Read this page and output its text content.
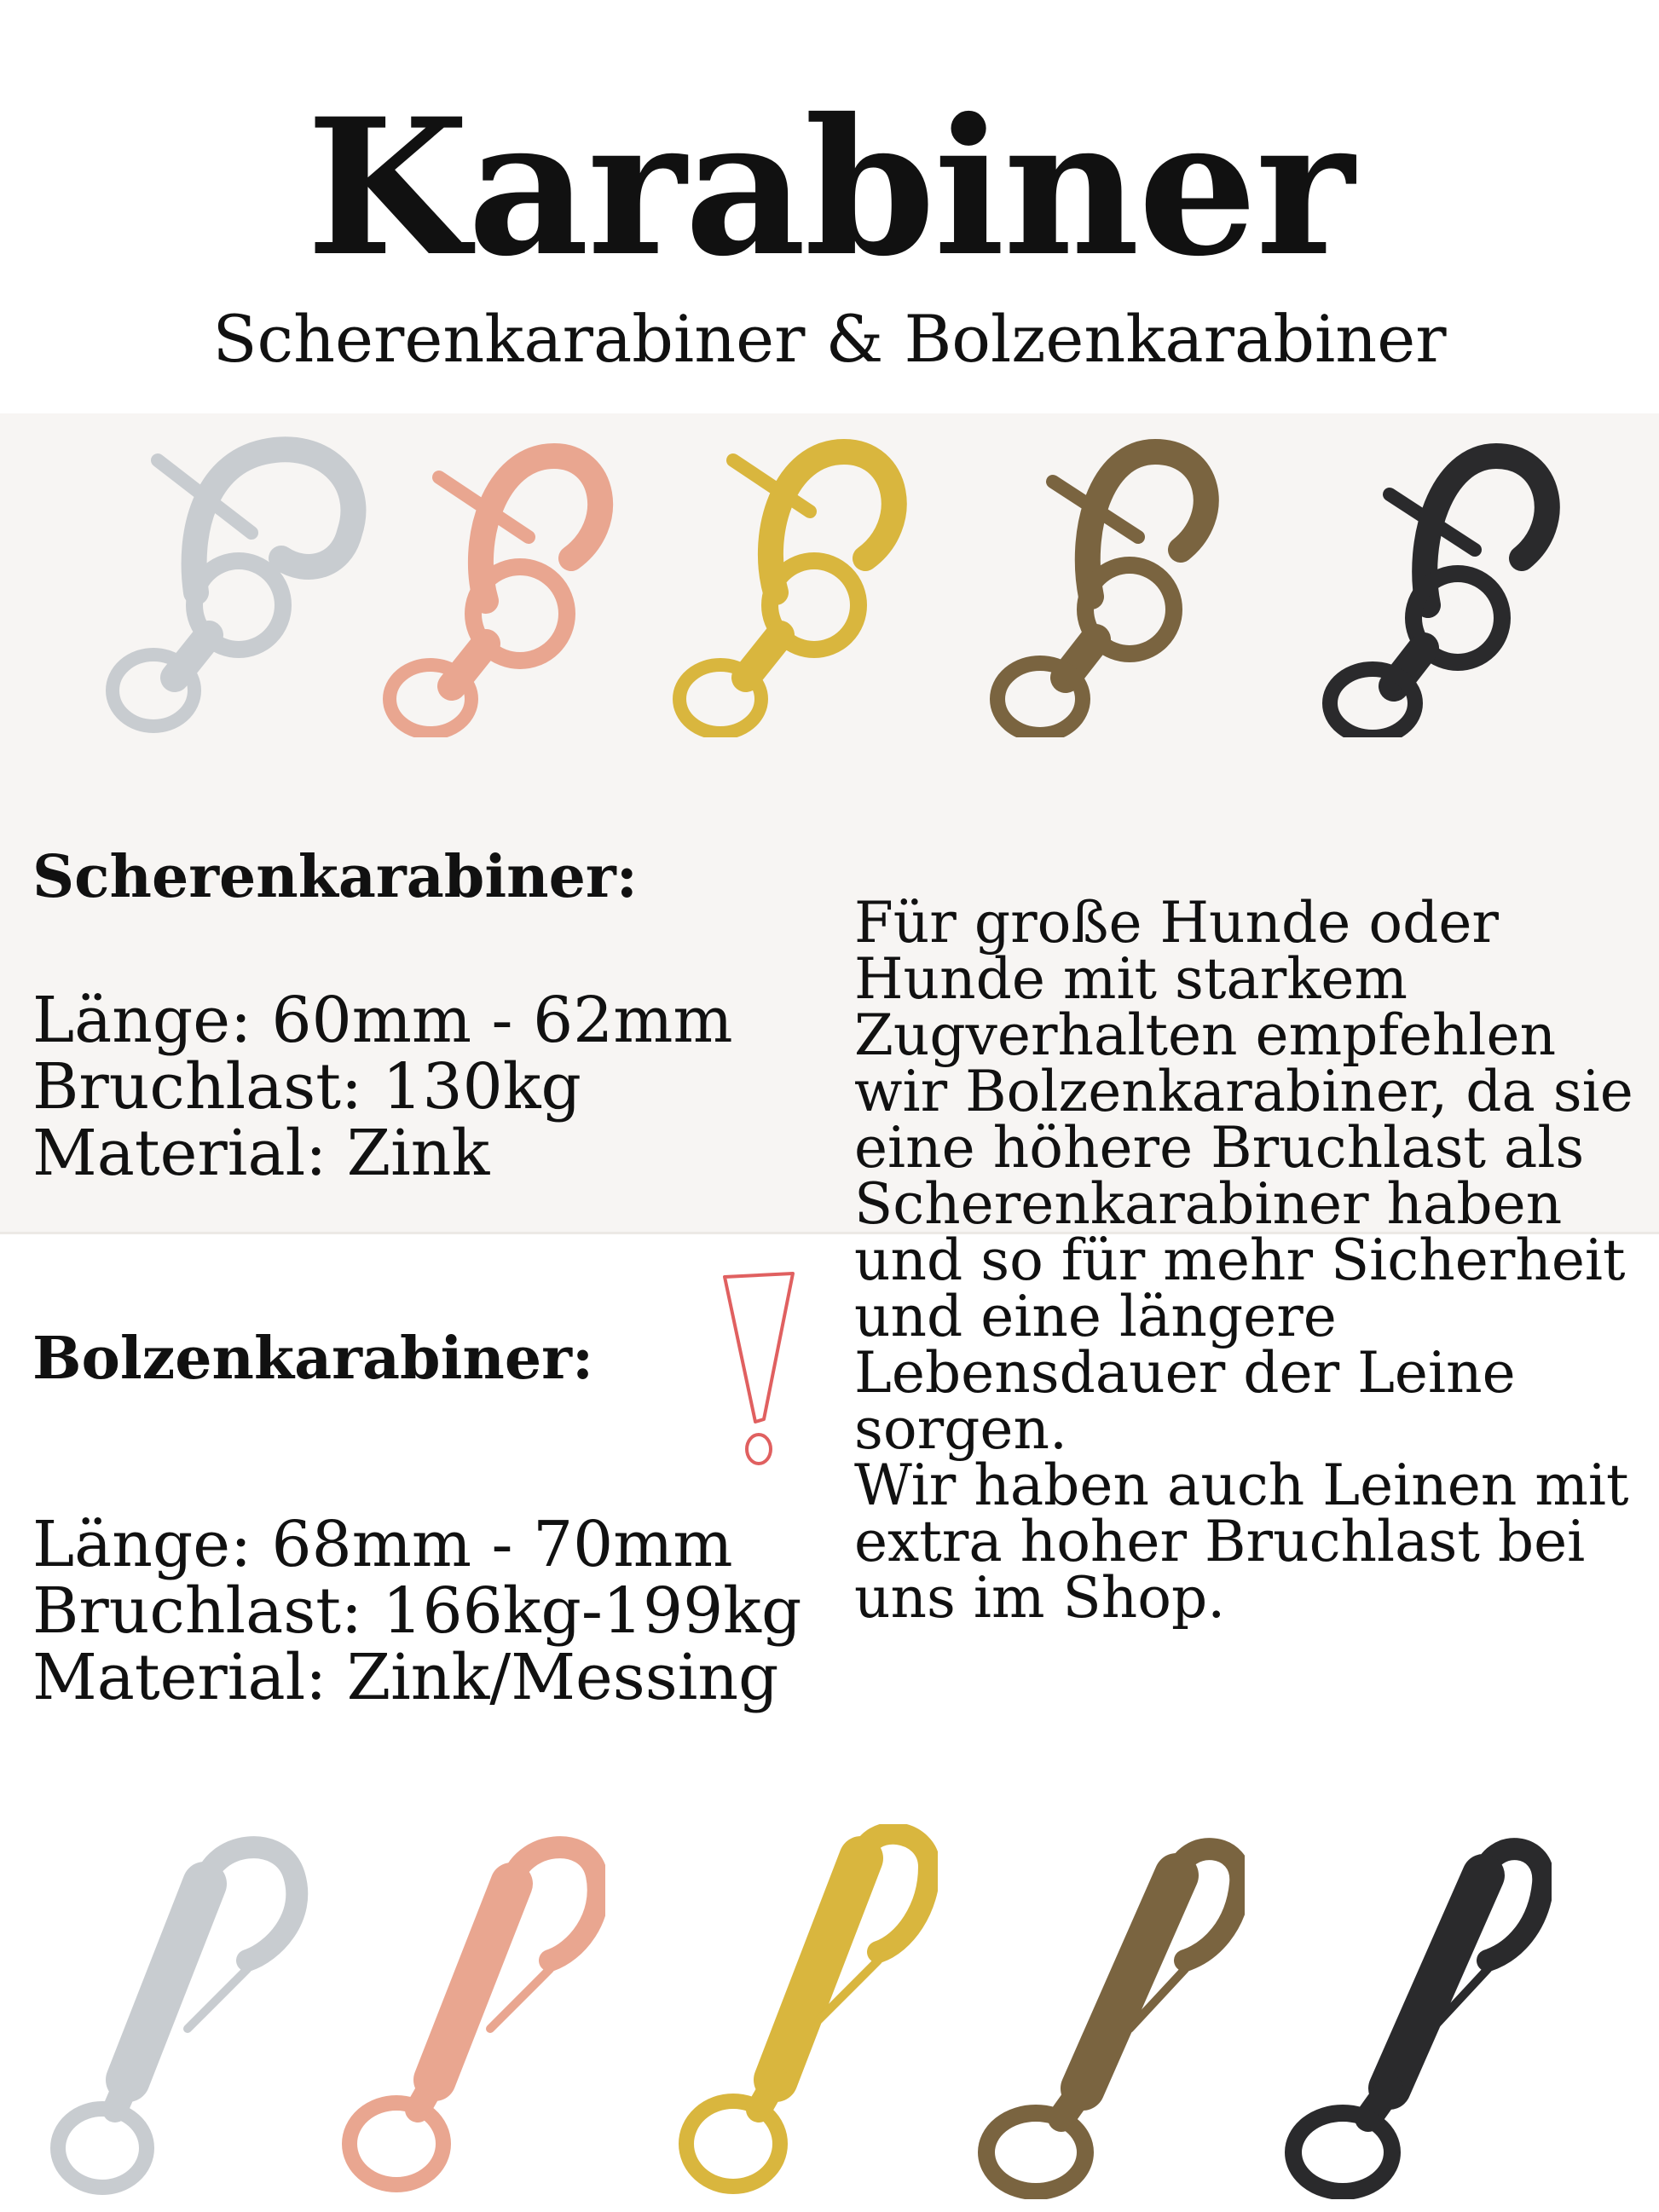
Karabiner
Scherenkarabiner & Bolzenkarabiner
Scherenkarabiner:
Länge: 60mm - 62mm
Bruchlast: 130kg
Material: Zink
Bolzenkarabiner:
Länge: 68mm - 70mm
Bruchlast: 166kg-199kg
Material: Zink/Messing

Für große Hunde oder

Hunde mit starkem

Zugverhalten empfehlen

wir Bolzenkarabiner, da sie

eine höhere Bruchlast als

Scherenkarabiner haben

und so für mehr Sicherheit

und eine längere

Lebensdauer der Leine

sorgen.

Wir haben auch Leinen mit

extra hoher Bruchlast bei

uns im Shop.
